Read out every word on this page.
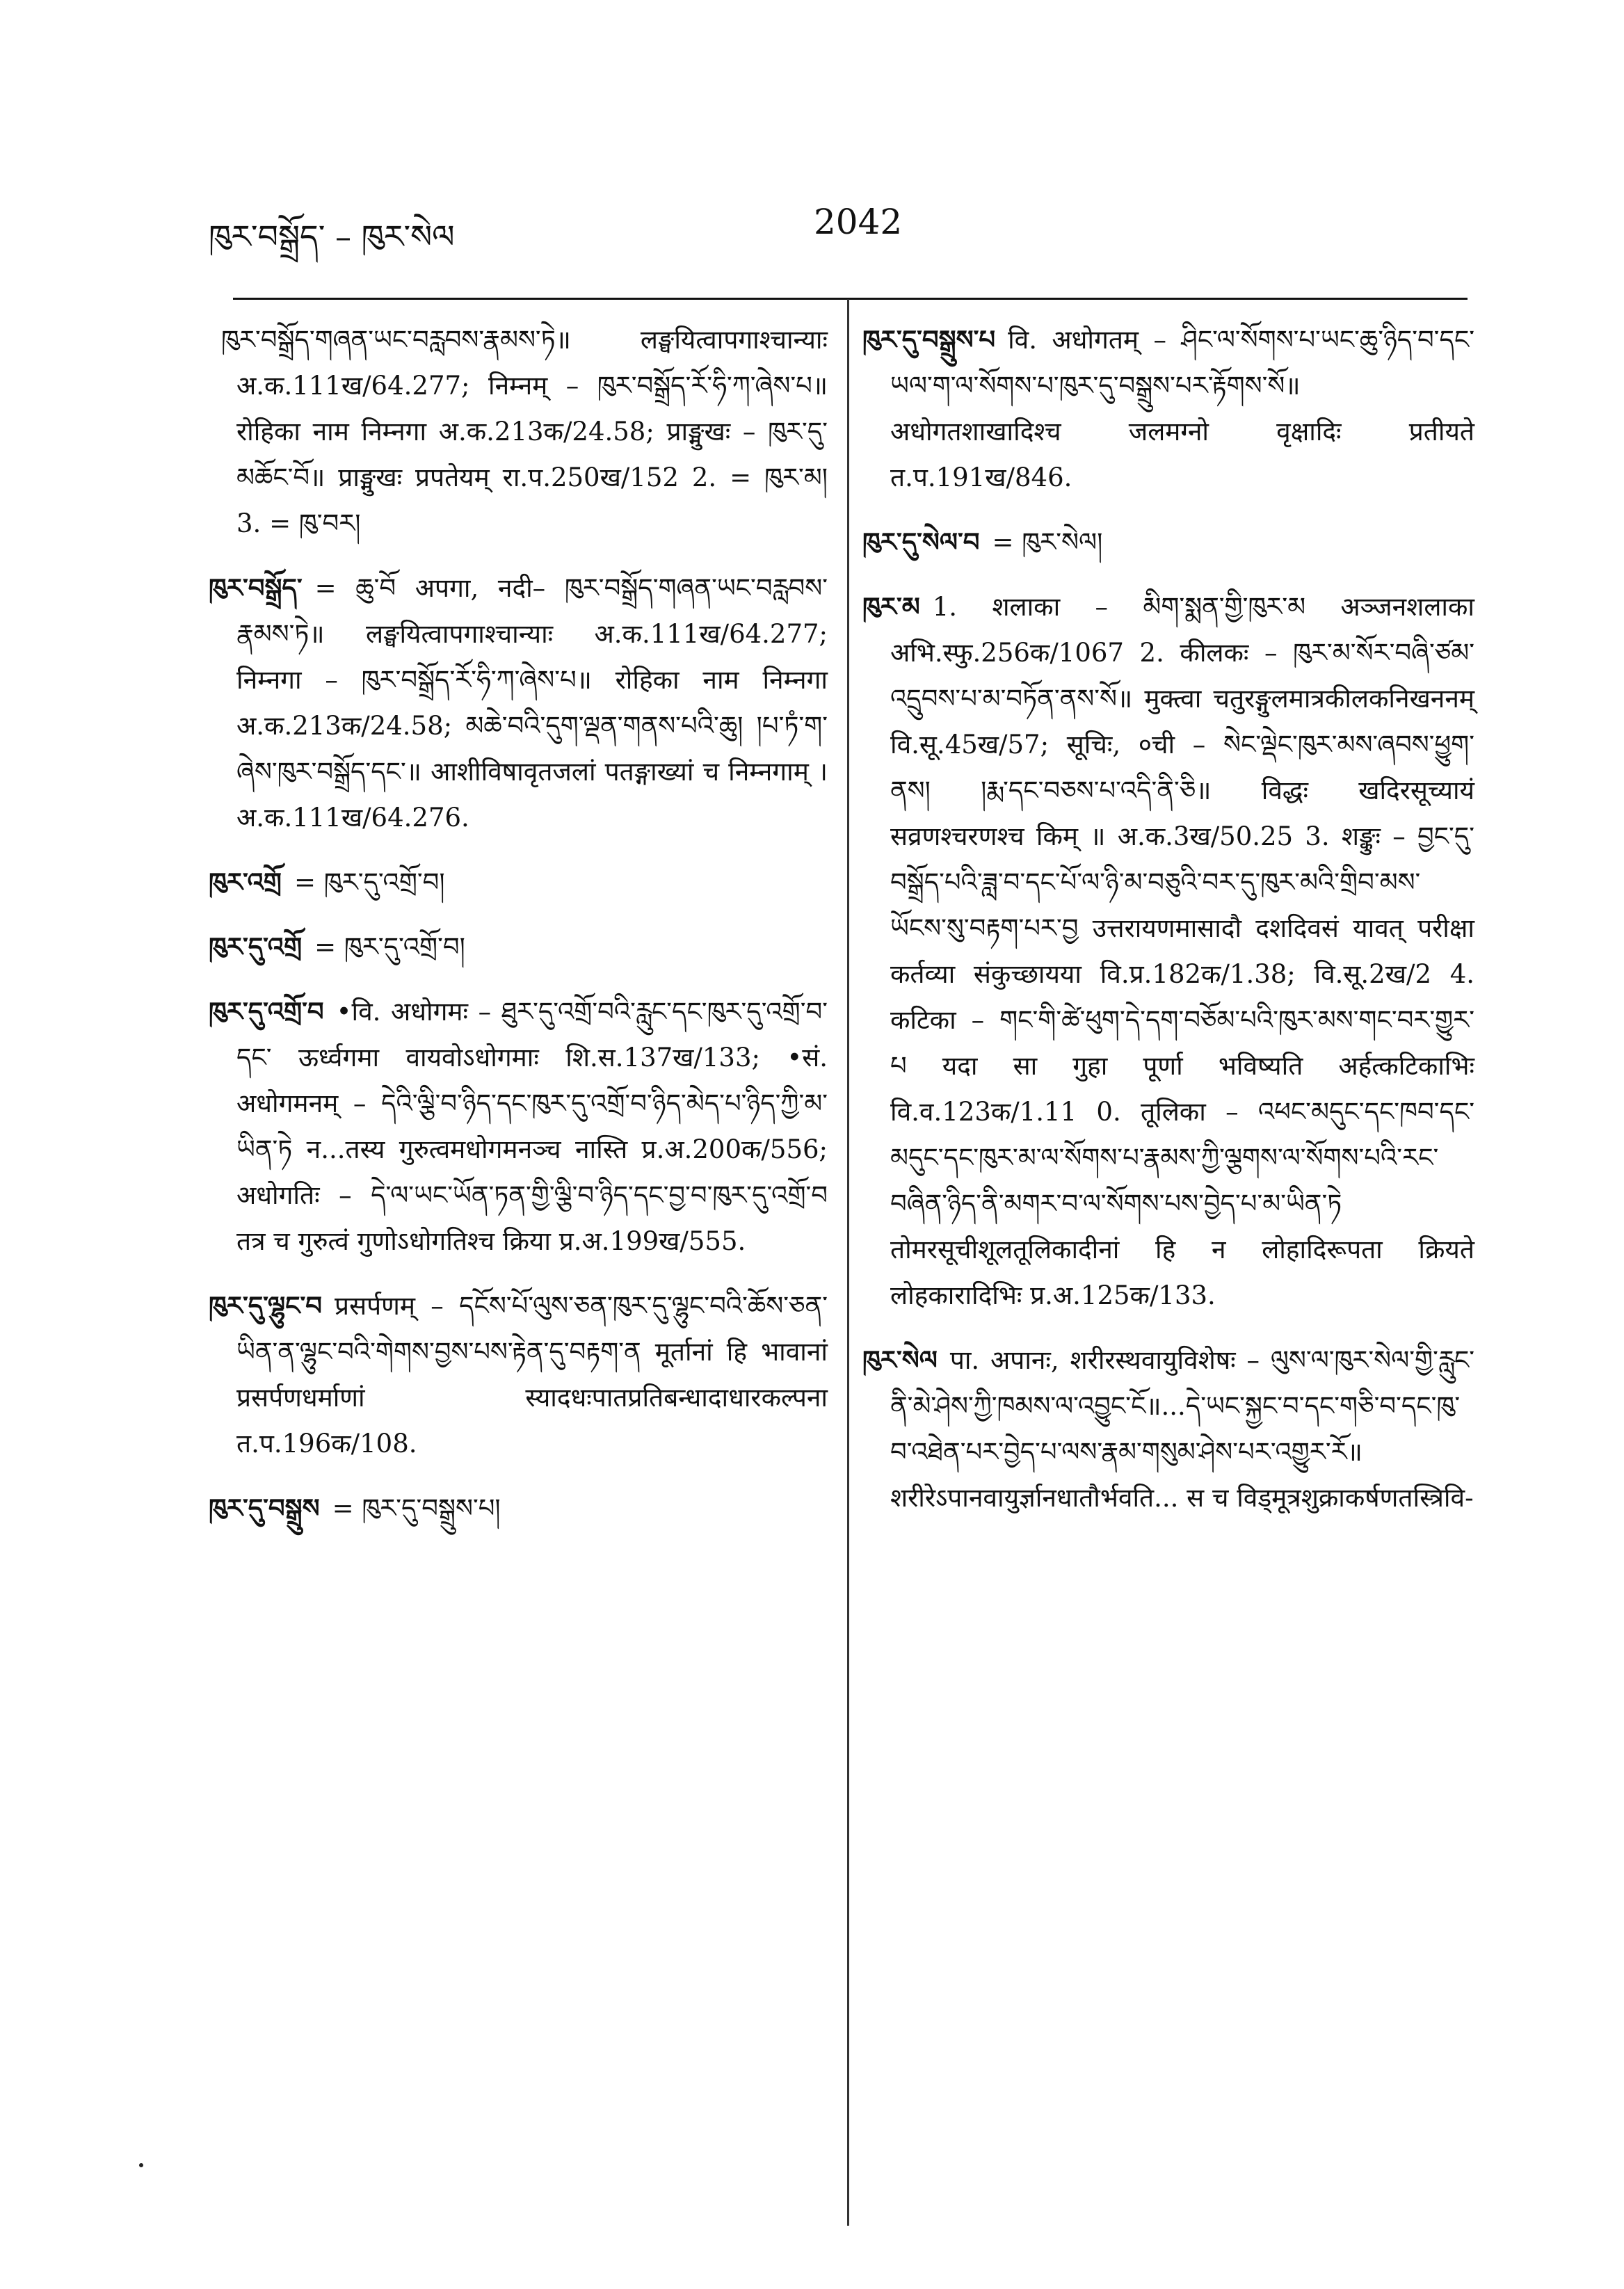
ཁུར་བསྒྲོད་ – ཁུར་སེལ	2042

ཁུར་བསྒྲོད་གཞན་ཡང་བརླབས་རྣམས་ཏེ॥ लङ्घयित्वापगाश्चान्याः अ.क.111ख/64.277; निम्नम् – ཁུར་བསྒྲོད་རོ་ཧི་ཀ་ཞེས་པ॥ रोहिका नाम निम्नगा अ.क.213क/24.58; प्राङ्मुखः – ཁུར་དུ་མཆོང་བོ॥ प्राङ्मुखः प्रपतेयम् रा.प.250ख/152 2. = ཁུར་མ། 3. = ཁུ་བར།

ཁུར་བསྒྲོད་ = ཆུ་བོ अपगा, नदी– ཁུར་བསྒྲོད་གཞན་ཡང་བརླབས་རྣམས་ཏེ॥ लङ्घयित्वापगाश्चान्याः अ.क.111ख/64.277; निम्नगा – ཁུར་བསྒྲོད་རོ་ཧི་ཀ་ཞེས་པ॥ रोहिका नाम निम्नगा अ.क.213क/24.58; མཆེ་བའི་དུག་ལྡན་གནས་པའི་ཆུ། །པ་ཏཾ་ག་ཞེས་ཁུར་བསྒྲོད་དང་॥ आशीविषावृतजलां पतङ्गाख्यां च निम्नगाम् । अ.क.111ख/64.276.

ཁུར་འགྲོ = ཁུར་དུ་འགྲོ་བ།

ཁུར་དུ་འགྲོ = ཁུར་དུ་འགྲོ་བ།

ཁུར་དུ་འགྲོ་བ •वि. अधोगमः – ཐུར་དུ་འགྲོ་བའི་རླུང་དང་ཁུར་དུ་འགྲོ་བ་དང་ ऊर्ध्वगमा वायवोऽधोगमाः शि.स.137ख/133; •सं. अधोगमनम् – དེའི་ལྕི་བ་ཉིད་དང་ཁུར་དུ་འགྲོ་བ་ཉིད་མེད་པ་ཉིད་ཀྱི་མ་ཡིན་ཏེ न...तस्य गुरुत्वमधोगमनञ्च नास्ति प्र.अ.200क/556; अधोगतिः – དེ་ལ་ཡང་ཡོན་ཏན་གྱི་ལྕི་བ་ཉིད་དང་བྱ་བ་ཁུར་དུ་འགྲོ་བ तत्र च गुरुत्वं गुणोऽधोगतिश्च क्रिया प्र.अ.199ख/555.

ཁུར་དུ་ལྷུང་བ प्रसर्पणम् – དངོས་པོ་ལུས་ཅན་ཁུར་དུ་ལྷུང་བའི་ཆོས་ཅན་ཡིན་ན་ལྷུང་བའི་གེགས་བྱས་པས་རྟེན་དུ་བརྟག་ན मूर्तानां हि भावानां प्रसर्पणधर्माणां स्यादधःपातप्रतिबन्धादाधारकल्पना त.प.196क/108.

ཁུར་དུ་བསྒྲུས = ཁུར་དུ་བསྒྲུས་པ།

ཁུར་དུ་བསྒྲུས་པ वि. अधोगतम् – ཤིང་ལ་སོགས་པ་ཡང་ཆུ་ཉིད་བ་དང་ཡལ་ག་ལ་སོགས་པ་ཁུར་དུ་བསྒྲུས་པར་རྟོགས་སོ॥ अधोगतशाखादिश्च जलमग्नो वृक्षादिः प्रतीयते त.प.191ख/846.

ཁུར་དུ་སེལ་བ = ཁུར་སེལ།

ཁུར་མ 1. शलाका – མིག་སྨན་གྱི་ཁུར་མ अञ्जनशलाका अभि.स्फु.256क/1067 2. कीलकः – ཁུར་མ་སོར་བཞི་ཙམ་འདྲུབས་པ་མ་བཏོན་ནས་སོ॥ मुक्त्वा चतुरङ्गुलमात्रकीलकनिखननम् वि.सू.45ख/57; सूचिः, ०ची – སེང་ལྡེང་ཁུར་མས་ཞབས་ཕྱུག་ནས། །རྨ་དང་བཅས་པ་འདི་ནི་ཅི॥ विद्धः खदिरसूच्यायं सव्रणश्चरणश्च किम् ॥ अ.क.3ख/50.25 3. शङ्कुः – བྱང་དུ་བསྒྲོད་པའི་ཟླ་བ་དང་པོ་ལ་ཉི་མ་བཅུའི་བར་དུ་ཁུར་མའི་གྲིབ་མས་ཡོངས་སུ་བརྟག་པར་བྱ उत्तरायणमासादौ दशदिवसं यावत् परीक्षा कर्तव्या संकुच्छायया वि.प्र.182क/1.38; वि.सू.2ख/2 4. कटिका – གང་གི་ཚེ་ཕུག་དེ་དག་བཅོམ་པའི་ཁུར་མས་གང་བར་གྱུར་པ यदा सा गुहा पूर्णा भविष्यति अर्हत्कटिकाभिः वि.व.123क/1.11 0. तूलिका – འཕང་མདུང་དང་ཁབ་དང་མདུང་དང་ཁུར་མ་ལ་སོགས་པ་རྣམས་ཀྱི་ལྕགས་ལ་སོགས་པའི་རང་བཞིན་ཉིད་ནི་མགར་བ་ལ་སོགས་པས་བྱེད་པ་མ་ཡིན་ཏེ तोमरसूचीशूलतूलिकादीनां हि न लोहादिरूपता क्रियते लोहकारादिभिः प्र.अ.125क/133.

ཁུར་སེལ पा. अपानः, शरीरस्थवायुविशेषः – ལུས་ལ་ཁུར་སེལ་གྱི་རླུང་ནི་མེ་ཤེས་ཀྱི་ཁམས་ལ་འབྱུང་ངོ॥...དེ་ཡང་སྐྱང་བ་དང་གཅི་བ་དང་ཁུ་བ་འཐེན་པར་བྱེད་པ་ལས་རྣམ་གསུམ་ཤེས་པར་འགྱུར་རོ॥ शरीरेऽपानवायुर्ज्ञानधातौर्भवति... स च विड्मूत्रशुक्राकर्षणतस्त्रिवि-
